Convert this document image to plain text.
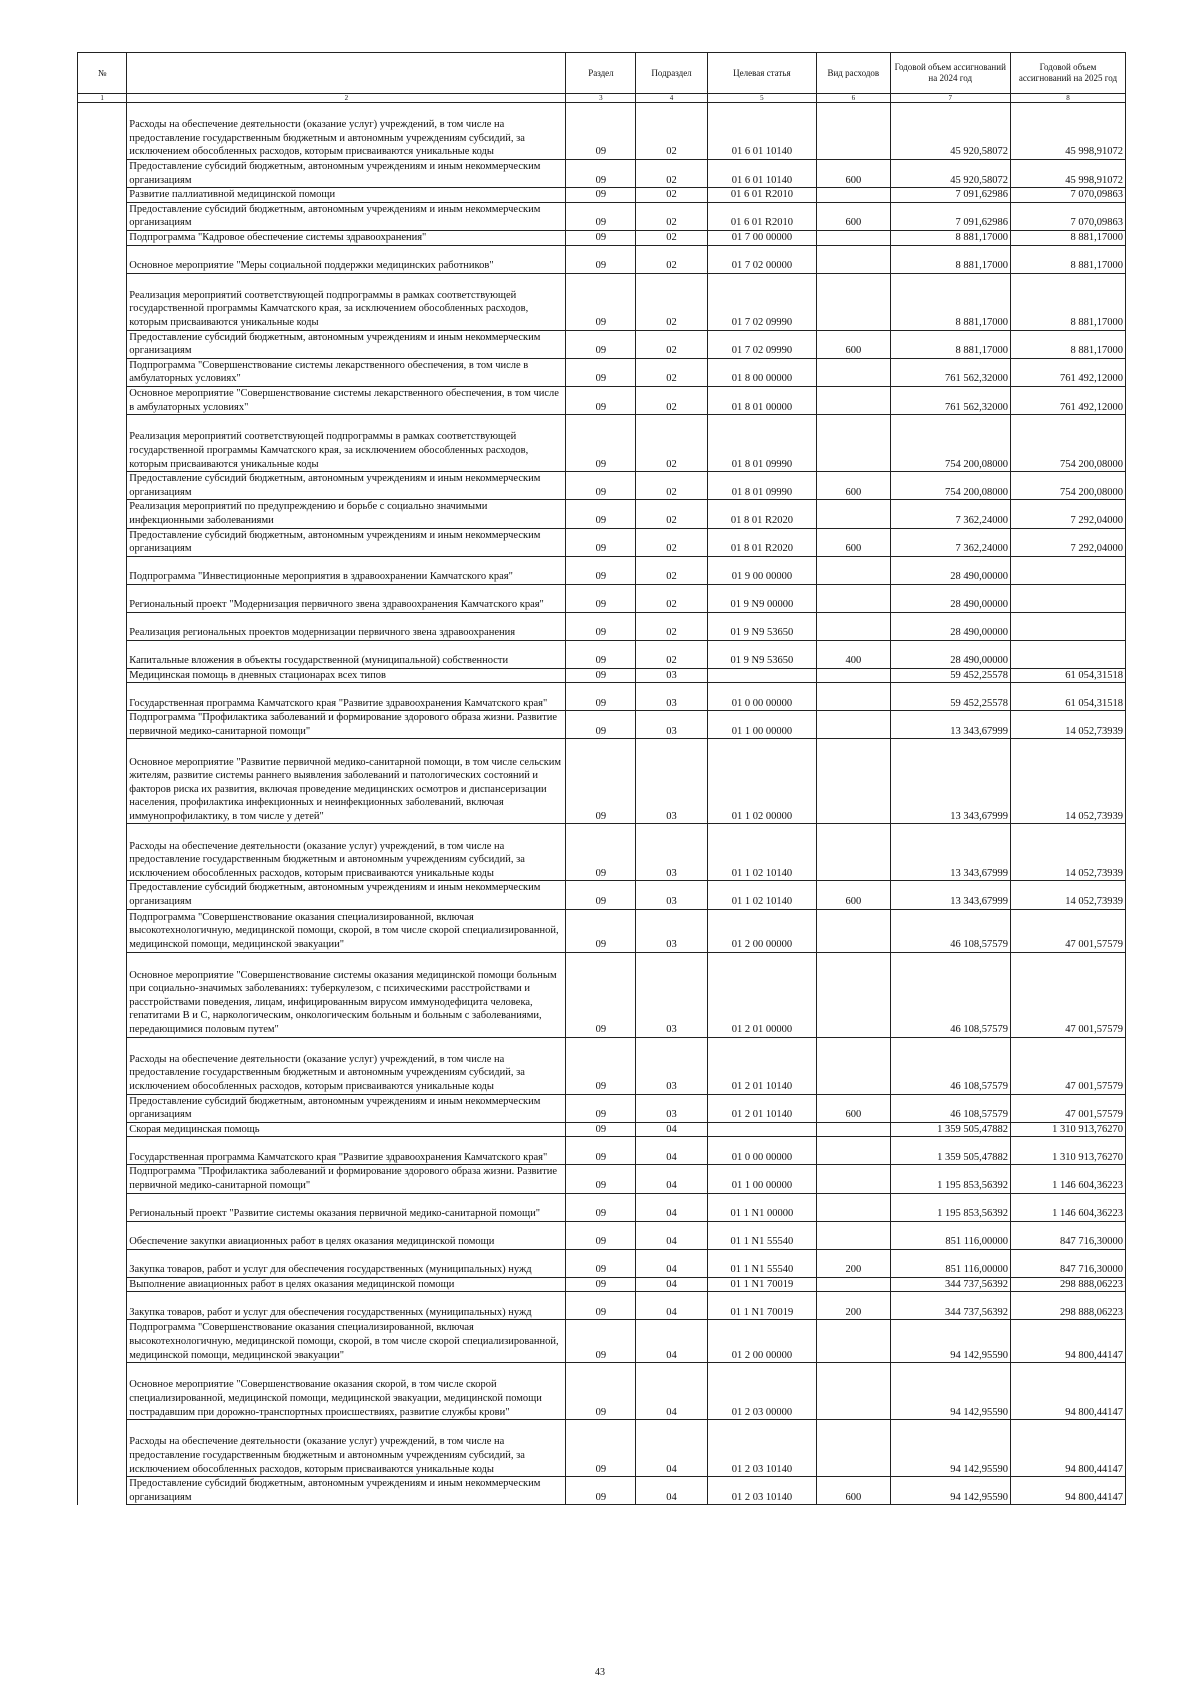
№		Раздел	Подраздел	Целевая статья	Вид расходов	Годовой объем ассигнований на 2024 год	Годовой объем ассигнований на 2025 год
1	2	3	4	5	6	7	8
	Расходы на обеспечение деятельности (оказание услуг) учреждений, в том числе на предоставление государственным бюджетным и автономным учреждениям субсидий, за исключением обособленных расходов, которым присваиваются уникальные коды	09	02	01 6 01 10140		45 920,58072	45 998,91072
	Предоставление субсидий бюджетным, автономным учреждениям и иным некоммерческим организациям	09	02	01 6 01 10140	600	45 920,58072	45 998,91072
	Развитие паллиативной медицинской помощи	09	02	01 6 01 R2010		7 091,62986	7 070,09863
	Предоставление субсидий бюджетным, автономным учреждениям и иным некоммерческим организациям	09	02	01 6 01 R2010	600	7 091,62986	7 070,09863
	Подпрограмма "Кадровое обеспечение системы здравоохранения"	09	02	01 7 00 00000		8 881,17000	8 881,17000
	Основное мероприятие "Меры социальной поддержки медицинских работников"	09	02	01 7 02 00000		8 881,17000	8 881,17000
	Реализация мероприятий соответствующей подпрограммы в рамках соответствующей государственной программы Камчатского края, за исключением обособленных расходов, которым присваиваются уникальные коды	09	02	01 7 02 09990		8 881,17000	8 881,17000
	Предоставление субсидий бюджетным, автономным учреждениям и иным некоммерческим организациям	09	02	01 7 02 09990	600	8 881,17000	8 881,17000
	Подпрограмма "Совершенствование системы лекарственного обеспечения, в том числе в амбулаторных условиях"	09	02	01 8 00 00000		761 562,32000	761 492,12000
	Основное мероприятие "Совершенствование системы лекарственного обеспечения, в том числе в амбулаторных условиях"	09	02	01 8 01 00000		761 562,32000	761 492,12000
	Реализация мероприятий соответствующей подпрограммы в рамках соответствующей государственной программы Камчатского края, за исключением обособленных расходов, которым присваиваются уникальные коды	09	02	01 8 01 09990		754 200,08000	754 200,08000
	Предоставление субсидий бюджетным, автономным учреждениям и иным некоммерческим организациям	09	02	01 8 01 09990	600	754 200,08000	754 200,08000
	Реализация мероприятий по предупреждению и борьбе с социально значимыми инфекционными заболеваниями	09	02	01 8 01 R2020		7 362,24000	7 292,04000
	Предоставление субсидий бюджетным, автономным учреждениям и иным некоммерческим организациям	09	02	01 8 01 R2020	600	7 362,24000	7 292,04000
	Подпрограмма "Инвестиционные мероприятия в здравоохранении Камчатского края"	09	02	01 9 00 00000		28 490,00000	
	Региональный проект "Модернизация первичного звена здравоохранения Камчатского края"	09	02	01 9 N9 00000		28 490,00000	
	Реализация региональных проектов модернизации первичного звена здравоохранения	09	02	01 9 N9 53650		28 490,00000	
	Капитальные вложения в объекты государственной (муниципальной) собственности	09	02	01 9 N9 53650	400	28 490,00000	
	Медицинская помощь в дневных стационарах всех типов	09	03			59 452,25578	61 054,31518
	Государственная программа Камчатского края "Развитие здравоохранения Камчатского края"	09	03	01 0 00 00000		59 452,25578	61 054,31518
	Подпрограмма "Профилактика заболеваний и формирование здорового образа жизни. Развитие первичной медико-санитарной помощи"	09	03	01 1 00 00000		13 343,67999	14 052,73939
	Основное мероприятие "Развитие первичной медико-санитарной помощи, в том числе сельским жителям, развитие системы раннего выявления заболеваний и патологических состояний и факторов риска их развития, включая проведение медицинских осмотров и диспансеризации населения, профилактика инфекционных и неинфекционных заболеваний, включая иммунопрофилактику, в том числе у детей"	09	03	01 1 02 00000		13 343,67999	14 052,73939
	Расходы на обеспечение деятельности (оказание услуг) учреждений, в том числе на предоставление государственным бюджетным и автономным учреждениям субсидий, за исключением обособленных расходов, которым присваиваются уникальные коды	09	03	01 1 02 10140		13 343,67999	14 052,73939
	Предоставление субсидий бюджетным, автономным учреждениям и иным некоммерческим организациям	09	03	01 1 02 10140	600	13 343,67999	14 052,73939
	Подпрограмма "Совершенствование оказания специализированной, включая высокотехнологичную, медицинской помощи, скорой, в том числе скорой специализированной, медицинской помощи, медицинской эвакуации"	09	03	01 2 00 00000		46 108,57579	47 001,57579
	Основное мероприятие "Совершенствование системы оказания медицинской помощи больным при социально-значимых заболеваниях: туберкулезом, с психическими расстройствами и расстройствами поведения, лицам, инфицированным вирусом иммунодефицита человека, гепатитами В и С, наркологическим, онкологическим больным и больным с заболеваниями, передающимися половым путем"	09	03	01 2 01 00000		46 108,57579	47 001,57579
	Расходы на обеспечение деятельности (оказание услуг) учреждений, в том числе на предоставление государственным бюджетным и автономным учреждениям субсидий, за исключением обособленных расходов, которым присваиваются уникальные коды	09	03	01 2 01 10140		46 108,57579	47 001,57579
	Предоставление субсидий бюджетным, автономным учреждениям и иным некоммерческим организациям	09	03	01 2 01 10140	600	46 108,57579	47 001,57579
	Скорая медицинская помощь	09	04			1 359 505,47882	1 310 913,76270
	Государственная программа Камчатского края "Развитие здравоохранения Камчатского края"	09	04	01 0 00 00000		1 359 505,47882	1 310 913,76270
	Подпрограмма "Профилактика заболеваний и формирование здорового образа жизни. Развитие первичной медико-санитарной помощи"	09	04	01 1 00 00000		1 195 853,56392	1 146 604,36223
	Региональный проект "Развитие системы оказания первичной медико-санитарной помощи"	09	04	01 1 N1 00000		1 195 853,56392	1 146 604,36223
	Обеспечение закупки авиационных работ в целях оказания медицинской помощи	09	04	01 1 N1 55540		851 116,00000	847 716,30000
	Закупка товаров, работ и услуг для обеспечения государственных (муниципальных) нужд	09	04	01 1 N1 55540	200	851 116,00000	847 716,30000
	Выполнение авиационных работ в целях оказания медицинской помощи	09	04	01 1 N1 70019		344 737,56392	298 888,06223
	Закупка товаров, работ и услуг для обеспечения государственных (муниципальных) нужд	09	04	01 1 N1 70019	200	344 737,56392	298 888,06223
	Подпрограмма "Совершенствование оказания специализированной, включая высокотехнологичную, медицинской помощи, скорой, в том числе скорой специализированной, медицинской помощи, медицинской эвакуации"	09	04	01 2 00 00000		94 142,95590	94 800,44147
	Основное мероприятие "Совершенствование оказания скорой, в том числе скорой специализированной, медицинской помощи, медицинской эвакуации, медицинской помощи пострадавшим при дорожно-транспортных происшествиях, развитие службы крови"	09	04	01 2 03 00000		94 142,95590	94 800,44147
	Расходы на обеспечение деятельности (оказание услуг) учреждений, в том числе на предоставление государственным бюджетным и автономным учреждениям субсидий, за исключением обособленных расходов, которым присваиваются уникальные коды	09	04	01 2 03 10140		94 142,95590	94 800,44147
	Предоставление субсидий бюджетным, автономным учреждениям и иным некоммерческим организациям	09	04	01 2 03 10140	600	94 142,95590	94 800,44147
43
